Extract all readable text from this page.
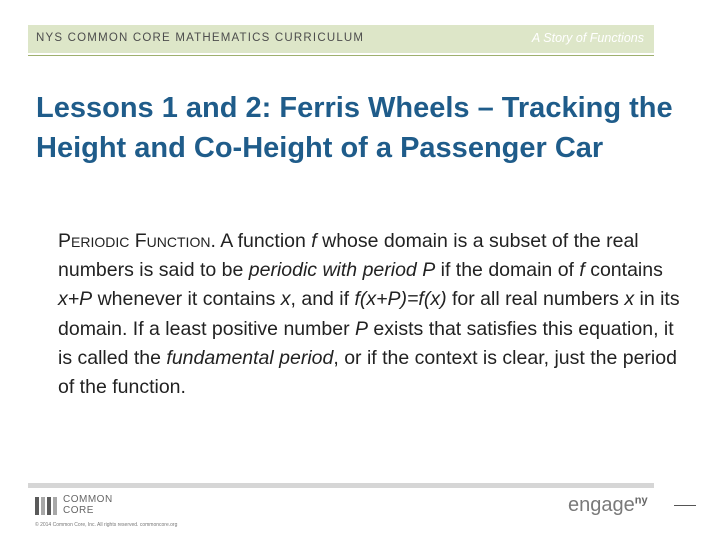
NYS COMMON CORE MATHEMATICS CURRICULUM	A Story of Functions
Lessons 1 and 2: Ferris Wheels – Tracking the Height and Co-Height of a Passenger Car

Periodic Function. A function f whose domain is a subset of the real numbers is said to be periodic with period P if the domain of f contains x+P whenever it contains x, and if f(x+P)=f(x) for all real numbers x in its domain. If a least positive number P exists that satisfies this equation, it is called the fundamental period, or if the context is clear, just the period of the function.

COMMON
CORE
© 2014 Common Core, Inc. All rights reserved. commoncore.org
engage$^{ny}$
